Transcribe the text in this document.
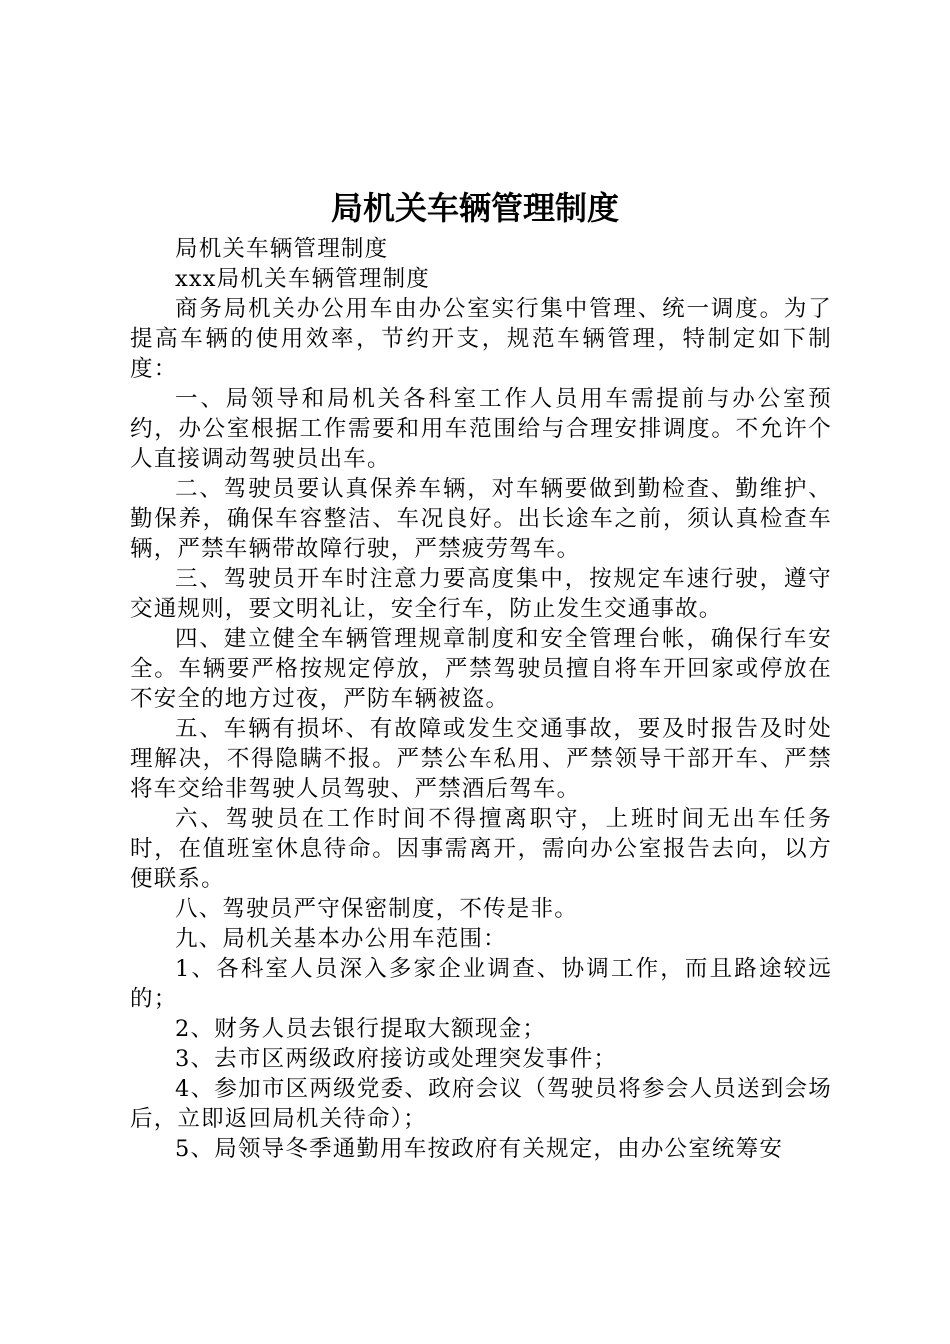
局机关车辆管理制度

局机关车辆管理制度

xxx局机关车辆管理制度

商务局机关办公用车由办公室实行集中管理、统一调度。为了提高车辆的使用效率，节约开支，规范车辆管理，特制定如下制度：

一、局领导和局机关各科室工作人员用车需提前与办公室预约，办公室根据工作需要和用车范围给与合理安排调度。不允许个人直接调动驾驶员出车。

二、驾驶员要认真保养车辆，对车辆要做到勤检查、勤维护、勤保养，确保车容整洁、车况良好。出长途车之前，须认真检查车辆，严禁车辆带故障行驶，严禁疲劳驾车。

三、驾驶员开车时注意力要高度集中，按规定车速行驶，遵守交通规则，要文明礼让，安全行车，防止发生交通事故。

四、建立健全车辆管理规章制度和安全管理台帐，确保行车安全。车辆要严格按规定停放，严禁驾驶员擅自将车开回家或停放在不安全的地方过夜，严防车辆被盗。

五、车辆有损坏、有故障或发生交通事故，要及时报告及时处理解决，不得隐瞒不报。严禁公车私用、严禁领导干部开车、严禁将车交给非驾驶人员驾驶、严禁酒后驾车。

六、驾驶员在工作时间不得擅离职守，上班时间无出车任务时，在值班室休息待命。因事需离开，需向办公室报告去向，以方便联系。

八、驾驶员严守保密制度，不传是非。

九、局机关基本办公用车范围：

1、各科室人员深入多家企业调查、协调工作，而且路途较远的；

2、财务人员去银行提取大额现金；

3、去市区两级政府接访或处理突发事件；

4、参加市区两级党委、政府会议（驾驶员将参会人员送到会场后，立即返回局机关待命）；

5、局领导冬季通勤用车按政府有关规定，由办公室统筹安
